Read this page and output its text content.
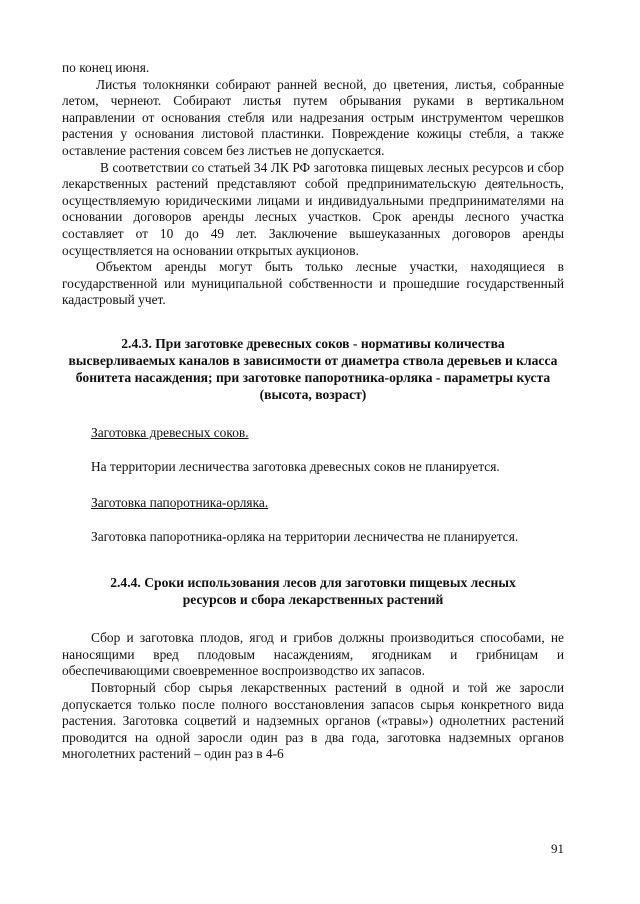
по конец июня.

Листья толокнянки собирают ранней весной, до цветения, листья, собранные летом, чернеют. Собирают листья путем обрывания руками в вертикальном направлении от основания стебля или надрезания острым инструментом черешков растения у основания листовой пластинки. Повреждение кожицы стебля, а также оставление растения совсем без листьев не допускается.

В соответствии со статьей 34 ЛК РФ заготовка пищевых лесных ресурсов и сбор лекарственных растений представляют собой предпринимательскую деятельность, осуществляемую юридическими лицами и индивидуальными предпринимателями на основании договоров аренды лесных участков. Срок аренды лесного участка составляет от 10 до 49 лет. Заключение вышеуказанных договоров аренды осуществляется на основании открытых аукционов.

Объектом аренды могут быть только лесные участки, находящиеся в государственной или муниципальной собственности и прошедшие государственный кадастровый учет.

2.4.3. При заготовке древесных соков - нормативы количества высверливаемых каналов в зависимости от диаметра ствола деревьев и класса бонитета насаждения; при заготовке папоротника-орляка - параметры куста (высота, возраст)

Заготовка древесных соков.

На территории лесничества заготовка древесных соков не планируется.

Заготовка папоротника-орляка.

Заготовка папоротника-орляка на территории лесничества не планируется.

2.4.4. Сроки использования лесов для заготовки пищевых лесных ресурсов и сбора лекарственных растений

Сбор и заготовка плодов, ягод и грибов должны производиться способами, не наносящими вред плодовым насаждениям, ягодникам и грибницам и обеспечивающими своевременное воспроизводство их запасов.

Повторный сбор сырья лекарственных растений в одной и той же заросли допускается только после полного восстановления запасов сырья конкретного вида растения. Заготовка соцветий и надземных органов («травы») однолетних растений проводится на одной заросли один раз в два года, заготовка надземных органов многолетних растений – один раз в 4-6

91
